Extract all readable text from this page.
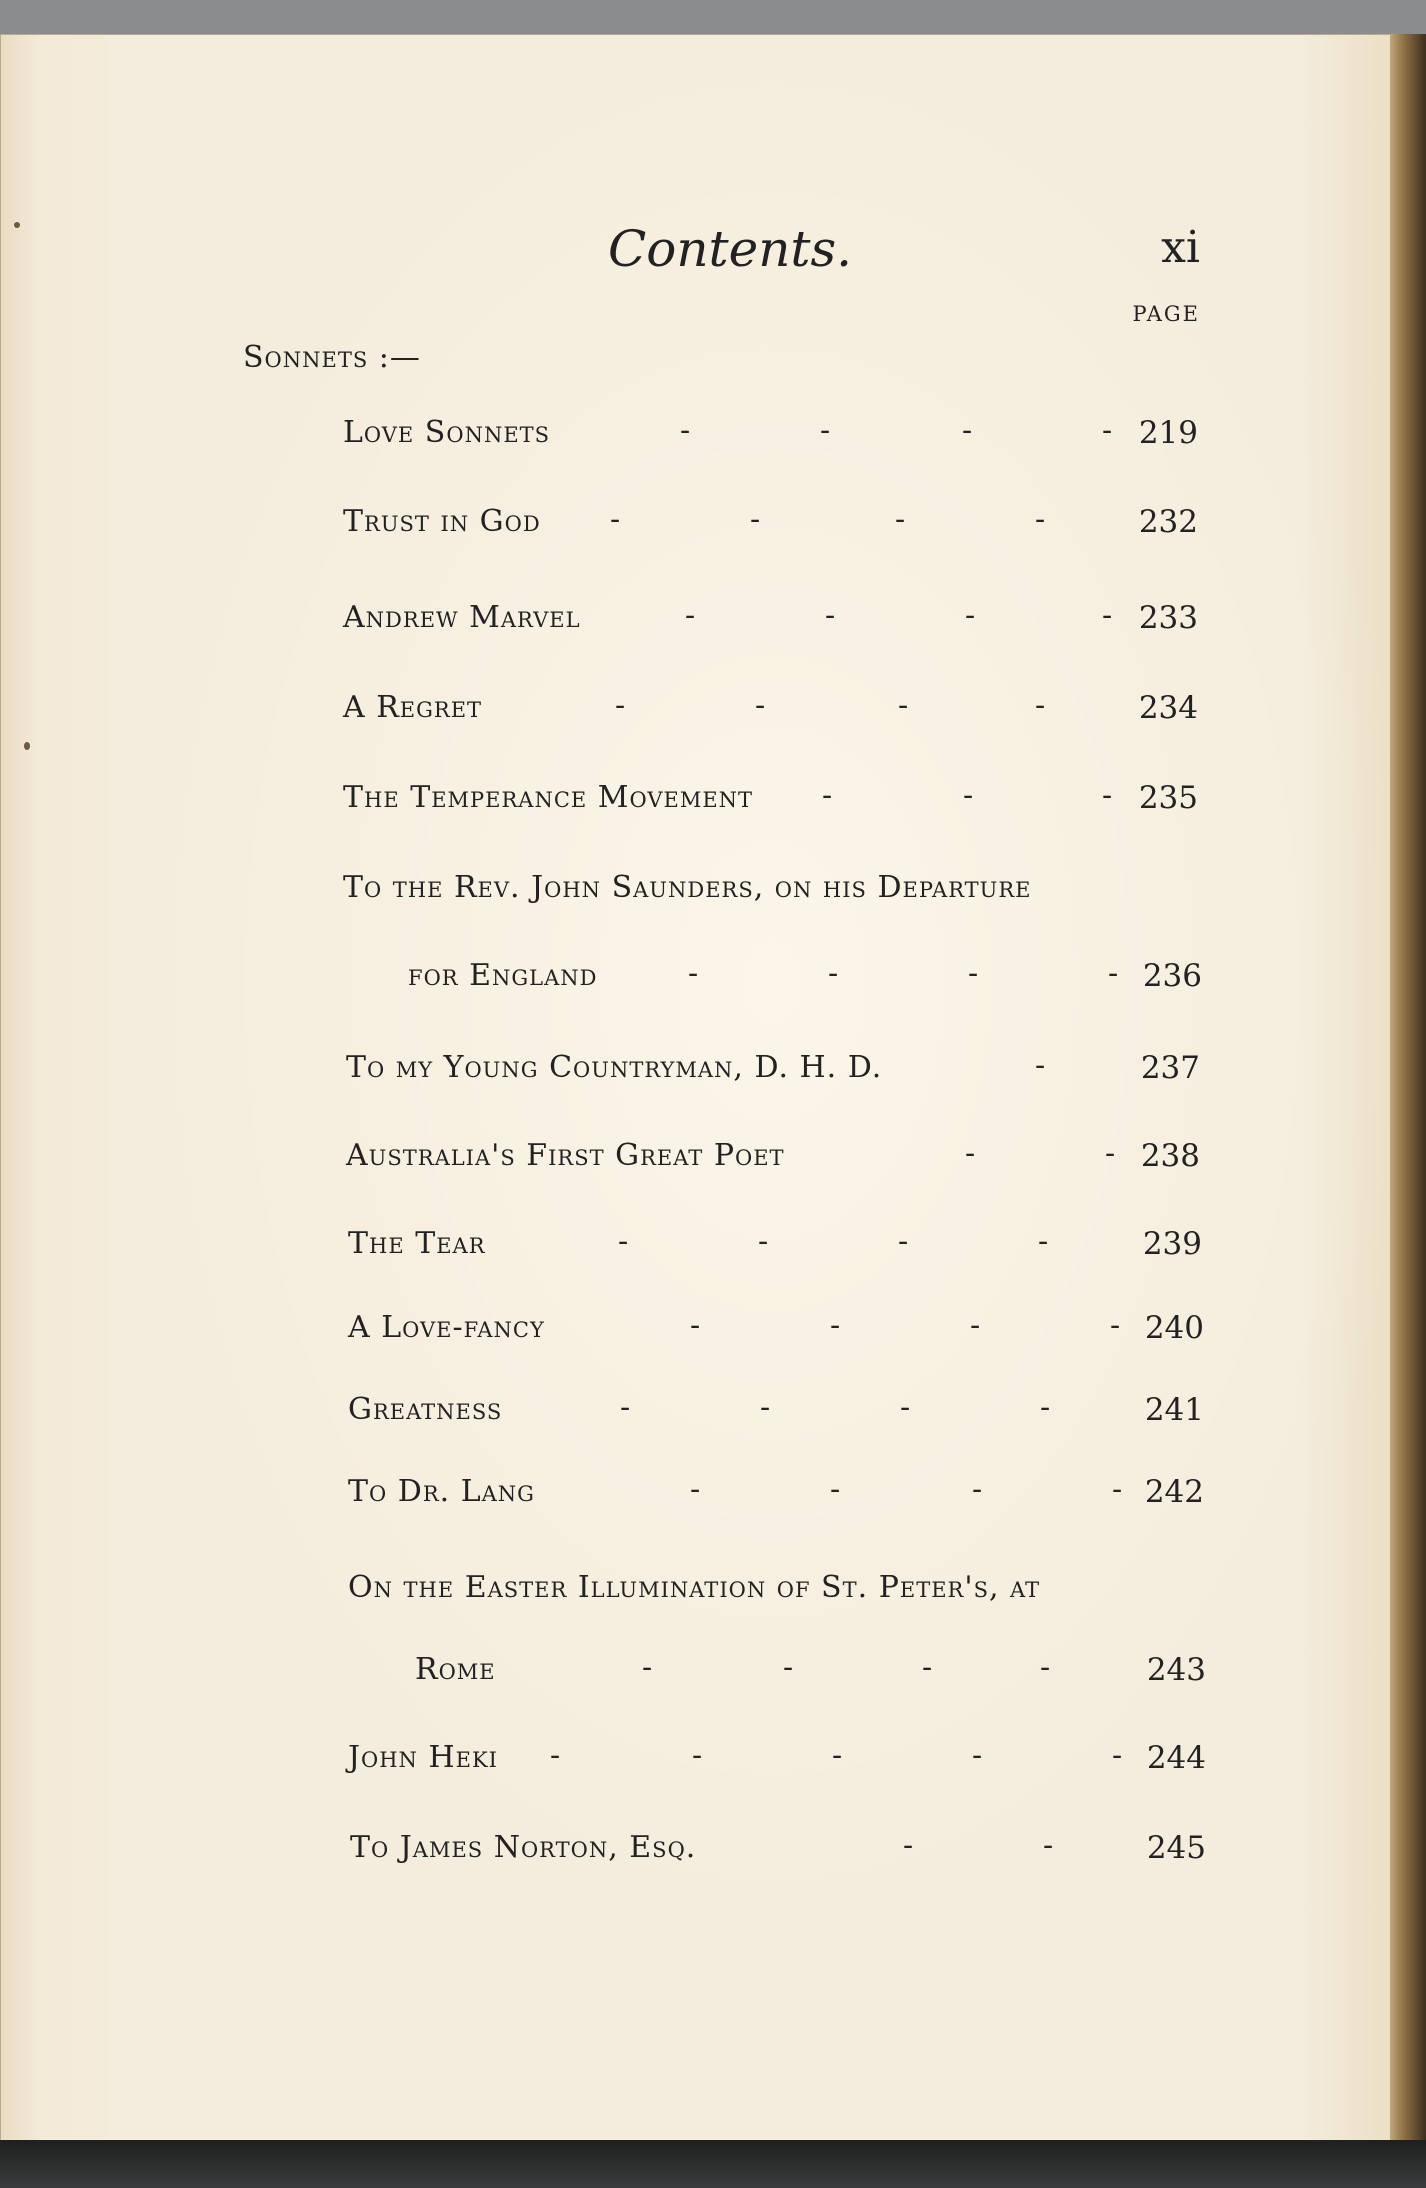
Contents.	xi
PAGE
Sonnets :—
Love Sonnets	-	-	-	- 219
Trust in God -	-	-	-	232
Andrew Marvel	-	-	-	- 233
A Regret	-	-	-	-	234
The Temperance Movement -	-	- 235
To the Rev. John Saunders, on his Departure
for England	-	-	-	- 236
To my Young Countryman, D. H. D.	-	237
Australia's First Great Poet	-	- 238
The Tear	-	-	-	-	239
A Love-fancy	-	-	-	- 240
Greatness	-	-	-	-	241
To Dr. Lang	-	-	-	- 242
On the Easter Illumination of St. Peter's, at
Rome	-	-	-	-	243
John Heki -	-	-	-	- 244
To James Norton, Esq.	-	-	245
